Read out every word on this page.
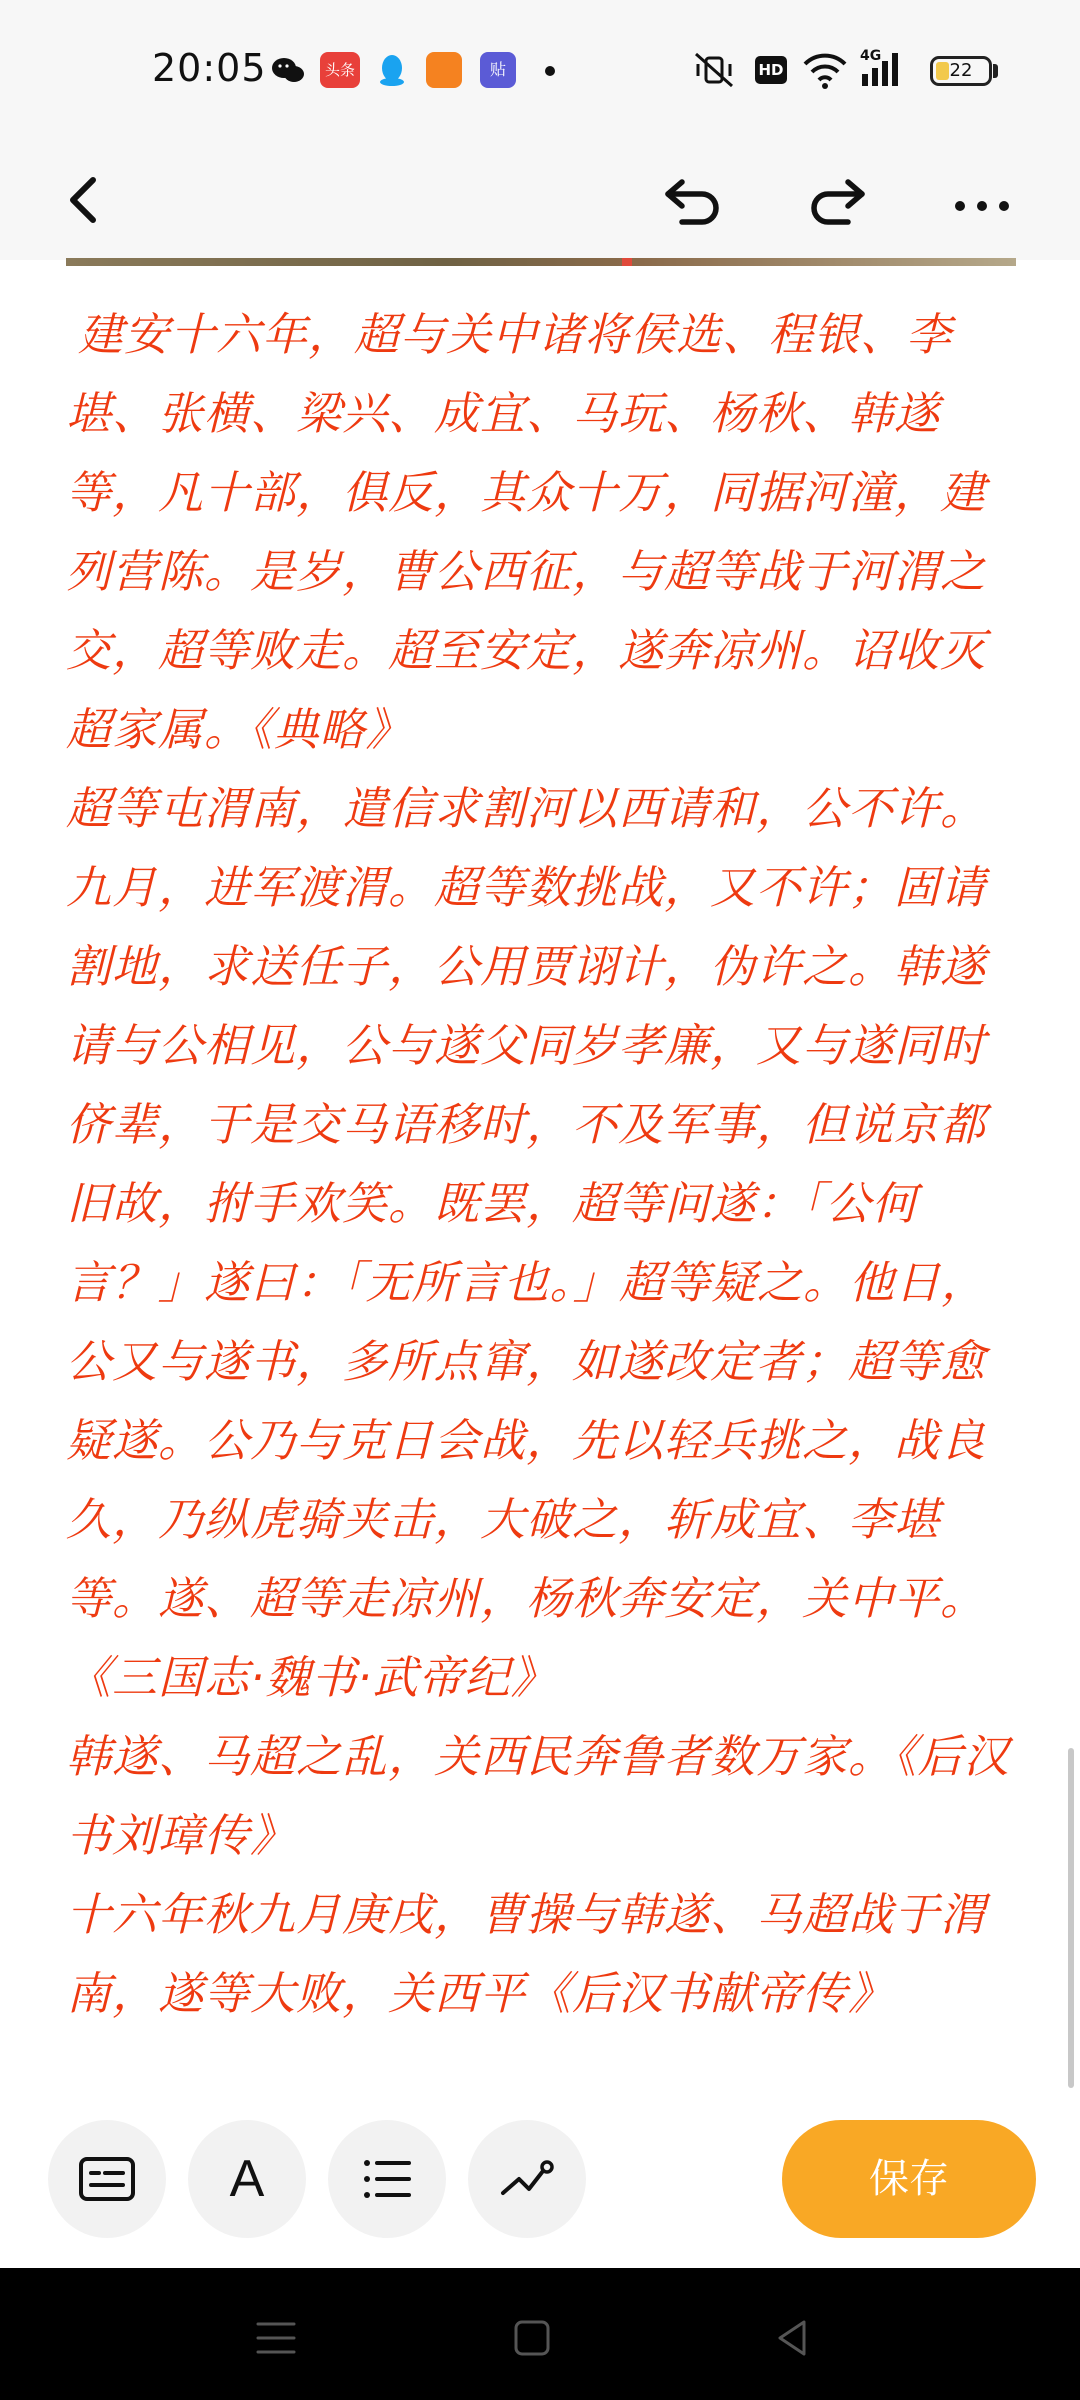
20:05	头条	贴	HD
4G
22

建安十六年，超与关中诸将侯选、程银、李堪、张横、梁兴、成宜、马玩、杨秋、韩遂等，凡十部，俱反，其众十万，同据河潼，建列营陈。是岁，曹公西征，与超等战于河渭之交，超等败走。超至安定，遂奔凉州。诏收灭超家属。《典略》

超等屯渭南，遣信求割河以西请和，公不许。九月，进军渡渭。超等数挑战，又不许；固请割地，求送任子，公用贾诩计，伪许之。韩遂请与公相见，公与遂父同岁孝廉，又与遂同时侪辈，于是交马语移时，不及军事，但说京都旧故，拊手欢笑。既罢，超等问遂：「公何言？」遂曰：「无所言也。」超等疑之。他日，公又与遂书，多所点窜，如遂改定者；超等愈疑遂。公乃与克日会战，先以轻兵挑之，战良久，乃纵虎骑夹击，大破之，斩成宜、李堪等。遂、超等走凉州，杨秋奔安定，关中平。《三国志·魏书·武帝纪》

韩遂、马超之乱，关西民奔鲁者数万家。《后汉书刘璋传》

十六年秋九月庚戌，曹操与韩遂、马超战于渭南，遂等大败，关西平《后汉书献帝传》

A	保存
